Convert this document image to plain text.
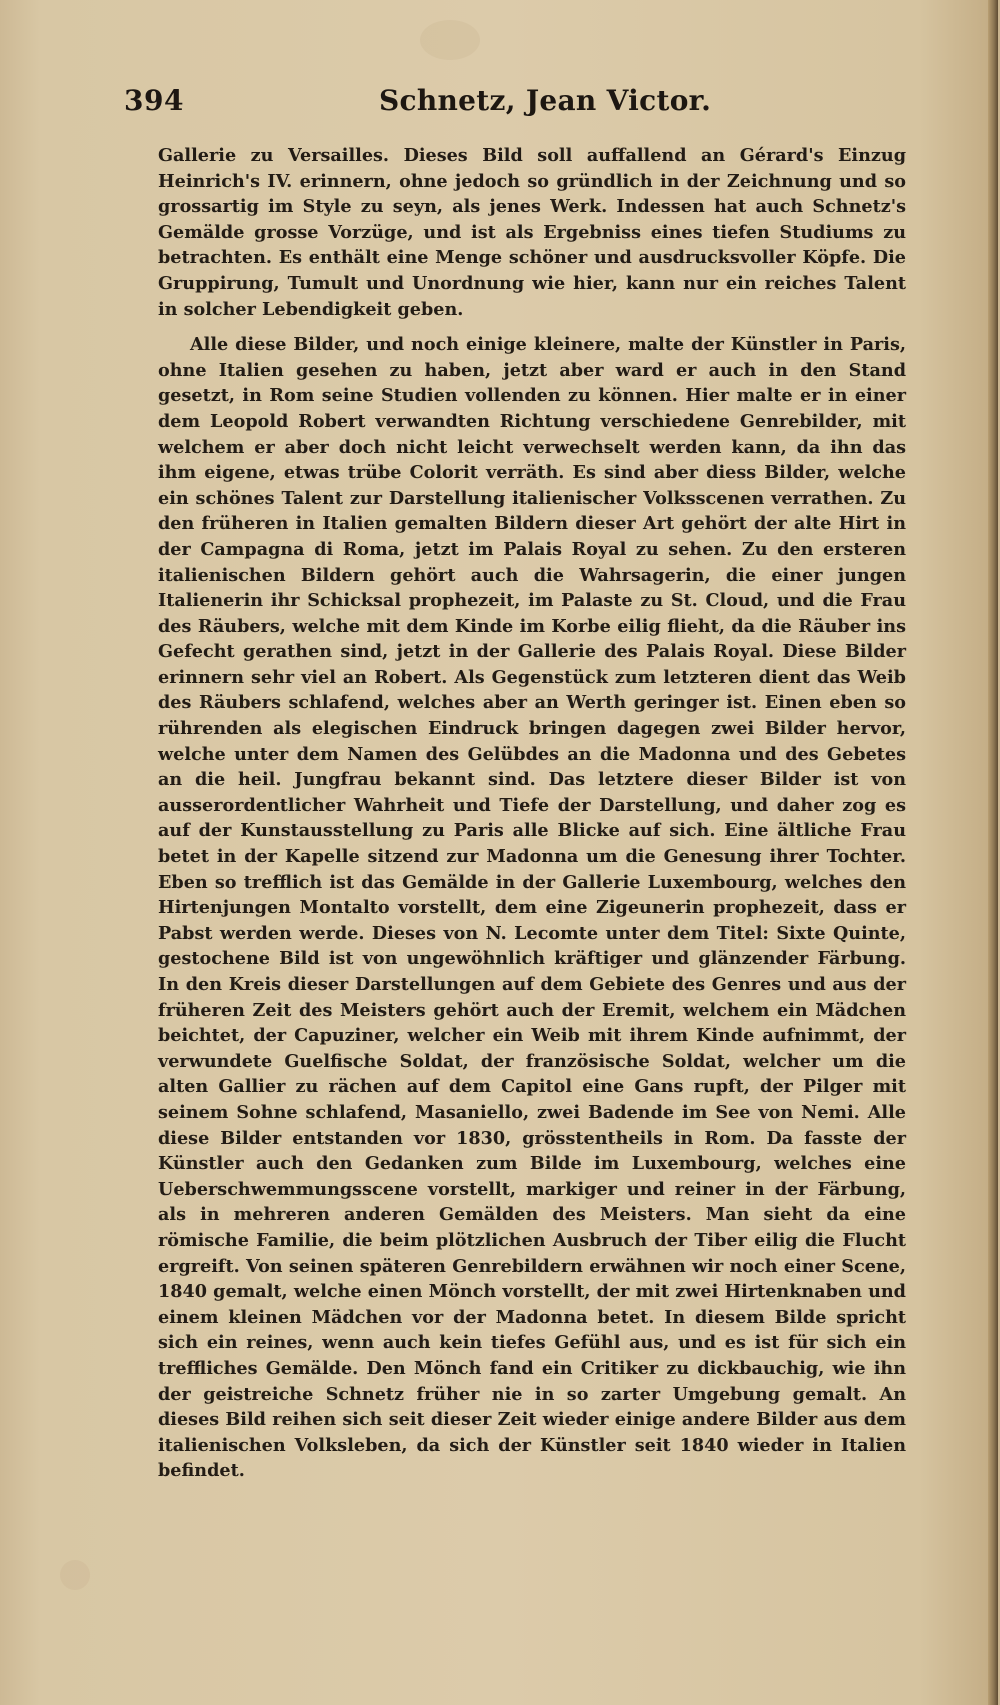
394	Schnetz, Jean Victor.

Gallerie zu Versailles. Dieses Bild soll auffallend an Gérard's Einzug Heinrich's IV. erinnern, ohne jedoch so gründlich in der Zeichnung und so grossartig im Style zu seyn, als jenes Werk. Indessen hat auch Schnetz's Gemälde grosse Vorzüge, und ist als Ergebniss eines tiefen Studiums zu betrachten. Es enthält eine Menge schöner und ausdrucksvoller Köpfe. Die Gruppirung, Tumult und Unordnung wie hier, kann nur ein reiches Talent in solcher Lebendigkeit geben.

Alle diese Bilder, und noch einige kleinere, malte der Künstler in Paris, ohne Italien gesehen zu haben, jetzt aber ward er auch in den Stand gesetzt, in Rom seine Studien vollenden zu können. Hier malte er in einer dem Leopold Robert verwandten Richtung verschiedene Genrebilder, mit welchem er aber doch nicht leicht verwechselt werden kann, da ihn das ihm eigene, etwas trübe Colorit verräth. Es sind aber diess Bilder, welche ein schönes Talent zur Darstellung italienischer Volksscenen verrathen. Zu den früheren in Italien gemalten Bildern dieser Art gehört der alte Hirt in der Campagna di Roma, jetzt im Palais Royal zu sehen. Zu den ersteren italienischen Bildern gehört auch die Wahrsagerin, die einer jungen Italienerin ihr Schicksal prophezeit, im Palaste zu St. Cloud, und die Frau des Räubers, welche mit dem Kinde im Korbe eilig flieht, da die Räuber ins Gefecht gerathen sind, jetzt in der Gallerie des Palais Royal. Diese Bilder erinnern sehr viel an Robert. Als Gegenstück zum letzteren dient das Weib des Räubers schlafend, welches aber an Werth geringer ist. Einen eben so rührenden als elegischen Eindruck bringen dagegen zwei Bilder hervor, welche unter dem Namen des Gelübdes an die Madonna und des Gebetes an die heil. Jungfrau bekannt sind. Das letztere dieser Bilder ist von ausserordentlicher Wahrheit und Tiefe der Darstellung, und daher zog es auf der Kunstausstellung zu Paris alle Blicke auf sich. Eine ältliche Frau betet in der Kapelle sitzend zur Madonna um die Genesung ihrer Tochter. Eben so trefflich ist das Gemälde in der Gallerie Luxembourg, welches den Hirtenjungen Montalto vorstellt, dem eine Zigeunerin prophezeit, dass er Pabst werden werde. Dieses von N. Lecomte unter dem Titel: Sixte Quinte, gestochene Bild ist von ungewöhnlich kräftiger und glänzender Färbung. In den Kreis dieser Darstellungen auf dem Gebiete des Genres und aus der früheren Zeit des Meisters gehört auch der Eremit, welchem ein Mädchen beichtet, der Capuziner, welcher ein Weib mit ihrem Kinde aufnimmt, der verwundete Guelfische Soldat, der französische Soldat, welcher um die alten Gallier zu rächen auf dem Capitol eine Gans rupft, der Pilger mit seinem Sohne schlafend, Masaniello, zwei Badende im See von Nemi. Alle diese Bilder entstanden vor 1830, grösstentheils in Rom. Da fasste der Künstler auch den Gedanken zum Bilde im Luxembourg, welches eine Ueberschwemmungsscene vorstellt, markiger und reiner in der Färbung, als in mehreren anderen Gemälden des Meisters. Man sieht da eine römische Familie, die beim plötzlichen Ausbruch der Tiber eilig die Flucht ergreift. Von seinen späteren Genrebildern erwähnen wir noch einer Scene, 1840 gemalt, welche einen Mönch vorstellt, der mit zwei Hirtenknaben und einem kleinen Mädchen vor der Madonna betet. In diesem Bilde spricht sich ein reines, wenn auch kein tiefes Gefühl aus, und es ist für sich ein treffliches Gemälde. Den Mönch fand ein Critiker zu dickbauchig, wie ihn der geistreiche Schnetz früher nie in so zarter Umgebung gemalt. An dieses Bild reihen sich seit dieser Zeit wieder einige andere Bilder aus dem italienischen Volksleben, da sich der Künstler seit 1840 wieder in Italien befindet.
